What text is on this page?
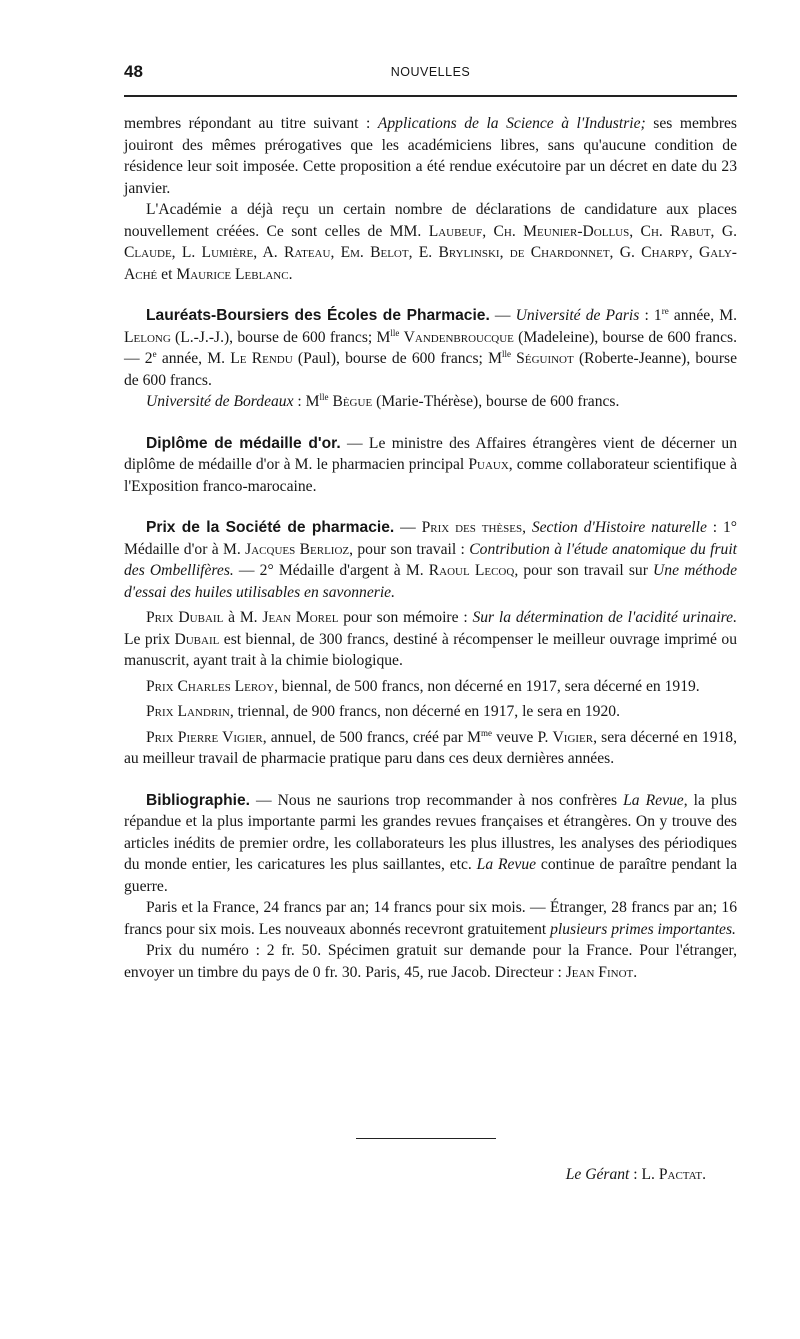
48	NOUVELLES

membres répondant au titre suivant : Applications de la Science à l'Industrie; ses membres jouiront des mêmes prérogatives que les académiciens libres, sans qu'aucune condition de résidence leur soit imposée. Cette proposition a été rendue exécutoire par un décret en date du 23 janvier.

L'Académie a déjà reçu un certain nombre de déclarations de candidature aux places nouvellement créées. Ce sont celles de MM. Laubeuf, Ch. Meunier-Dollus, Ch. Rabut, G. Claude, L. Lumière, A. Rateau, Em. Belot, E. Brylinski, de Chardonnet, G. Charpy, Galy-Aché et Maurice Leblanc.

Lauréats-Boursiers des Écoles de Pharmacie. — Université de Paris : 1re année, M. Lelong (L.-J.-J.), bourse de 600 francs; $M^{lle}$ Vandenbroucque (Madeleine), bourse de 600 francs. — 2e année, M. Le Rendu (Paul), bourse de 600 francs; $M^{lle}$ Séguinot (Roberte-Jeanne), bourse de 600 francs.

Université de Bordeaux : $M^{lle}$ Bègue (Marie-Thérèse), bourse de 600 francs.

Diplôme de médaille d'or. — Le ministre des Affaires étrangères vient de décerner un diplôme de médaille d'or à M. le pharmacien principal Puaux, comme collaborateur scientifique à l'Exposition franco-marocaine.

Prix de la Société de pharmacie. — Prix des thèses, Section d'Histoire naturelle : 1° Médaille d'or à M. Jacques Berlioz, pour son travail : Contribution à l'étude anatomique du fruit des Ombellifères. — 2° Médaille d'argent à M. Raoul Lecoq, pour son travail sur Une méthode d'essai des huiles utilisables en savonnerie.

Prix Dubail à M. Jean Morel pour son mémoire : Sur la détermination de l'acidité urinaire. Le prix Dubail est biennal, de 300 francs, destiné à récompenser le meilleur ouvrage imprimé ou manuscrit, ayant trait à la chimie biologique.

Prix Charles Leroy, biennal, de 500 francs, non décerné en 1917, sera décerné en 1919.

Prix Landrin, triennal, de 900 francs, non décerné en 1917, le sera en 1920.

Prix Pierre Vigier, annuel, de 500 francs, créé par $M^{me}$ veuve P. Vigier, sera décerné en 1918, au meilleur travail de pharmacie pratique paru dans ces deux dernières années.

Bibliographie. — Nous ne saurions trop recommander à nos confrères La Revue, la plus répandue et la plus importante parmi les grandes revues françaises et étrangères. On y trouve des articles inédits de premier ordre, les collaborateurs les plus illustres, les analyses des périodiques du monde entier, les caricatures les plus saillantes, etc. La Revue continue de paraître pendant la guerre.

Paris et la France, 24 francs par an; 14 francs pour six mois. — Étranger, 28 francs par an; 16 francs pour six mois. Les nouveaux abonnés recevront gratuitement plusieurs primes importantes.

Prix du numéro : 2 fr. 50. Spécimen gratuit sur demande pour la France. Pour l'étranger, envoyer un timbre du pays de 0 fr. 30. Paris, 45, rue Jacob. Directeur : Jean Finot.

Le Gérant : L. Pactat.
